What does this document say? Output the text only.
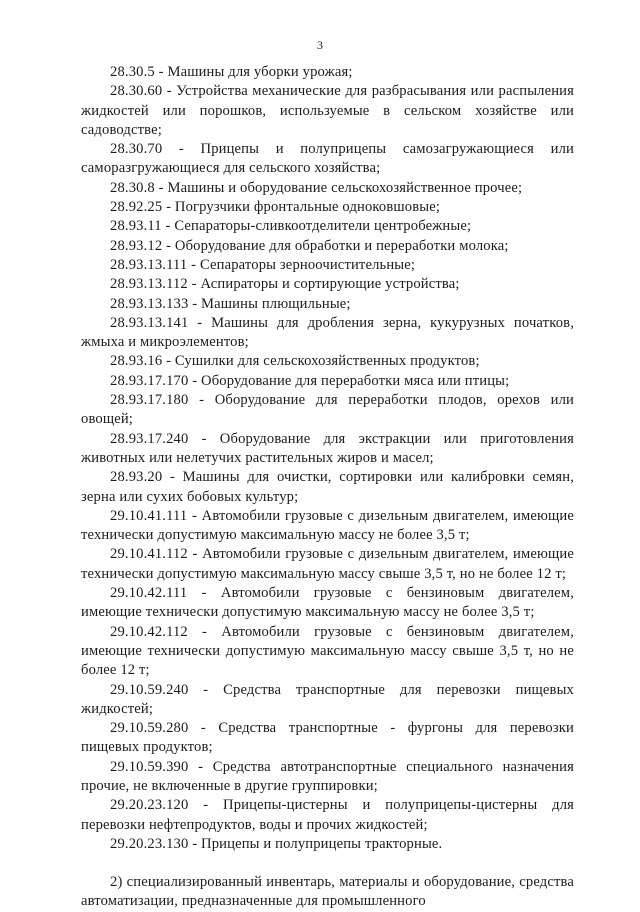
3

28.30.5 - Машины для уборки урожая;

28.30.60 - Устройства механические для разбрасывания или распыления жидкостей или порошков, используемые в сельском хозяйстве или садоводстве;

28.30.70 - Прицепы и полуприцепы самозагружающиеся или саморазгружающиеся для сельского хозяйства;

28.30.8 - Машины и оборудование сельскохозяйственное прочее;

28.92.25 - Погрузчики фронтальные одноковшовые;

28.93.11 - Сепараторы-сливкоотделители центробежные;

28.93.12 - Оборудование для обработки и переработки молока;

28.93.13.111 - Сепараторы зерноочистительные;

28.93.13.112 - Аспираторы и сортирующие устройства;

28.93.13.133 - Машины плющильные;

28.93.13.141 - Машины для дробления зерна, кукурузных початков, жмыха и микроэлементов;

28.93.16 - Сушилки для сельскохозяйственных продуктов;

28.93.17.170 - Оборудование для переработки мяса или птицы;

28.93.17.180 - Оборудование для переработки плодов, орехов или овощей;

28.93.17.240 - Оборудование для экстракции или приготовления животных или нелетучих растительных жиров и масел;

28.93.20 - Машины для очистки, сортировки или калибровки семян, зерна или сухих бобовых культур;

29.10.41.111 - Автомобили грузовые с дизельным двигателем, имеющие технически допустимую максимальную массу не более 3,5 т;

29.10.41.112 - Автомобили грузовые с дизельным двигателем, имеющие технически допустимую максимальную массу свыше 3,5 т, но не более 12 т;

29.10.42.111 - Автомобили грузовые с бензиновым двигателем, имеющие технически допустимую максимальную массу не более 3,5 т;

29.10.42.112 - Автомобили грузовые с бензиновым двигателем, имеющие технически допустимую максимальную массу свыше 3,5 т, но не более 12 т;

29.10.59.240 - Средства транспортные для перевозки пищевых жидкостей;

29.10.59.280 - Средства транспортные - фургоны для перевозки пищевых продуктов;

29.10.59.390 - Средства автотранспортные специального назначения прочие, не включенные в другие группировки;

29.20.23.120 - Прицепы-цистерны и полуприцепы-цистерны для перевозки нефтепродуктов, воды и прочих жидкостей;

29.20.23.130 - Прицепы и полуприцепы тракторные.

2) специализированный инвентарь, материалы и оборудование, средства автоматизации, предназначенные для промышленного
